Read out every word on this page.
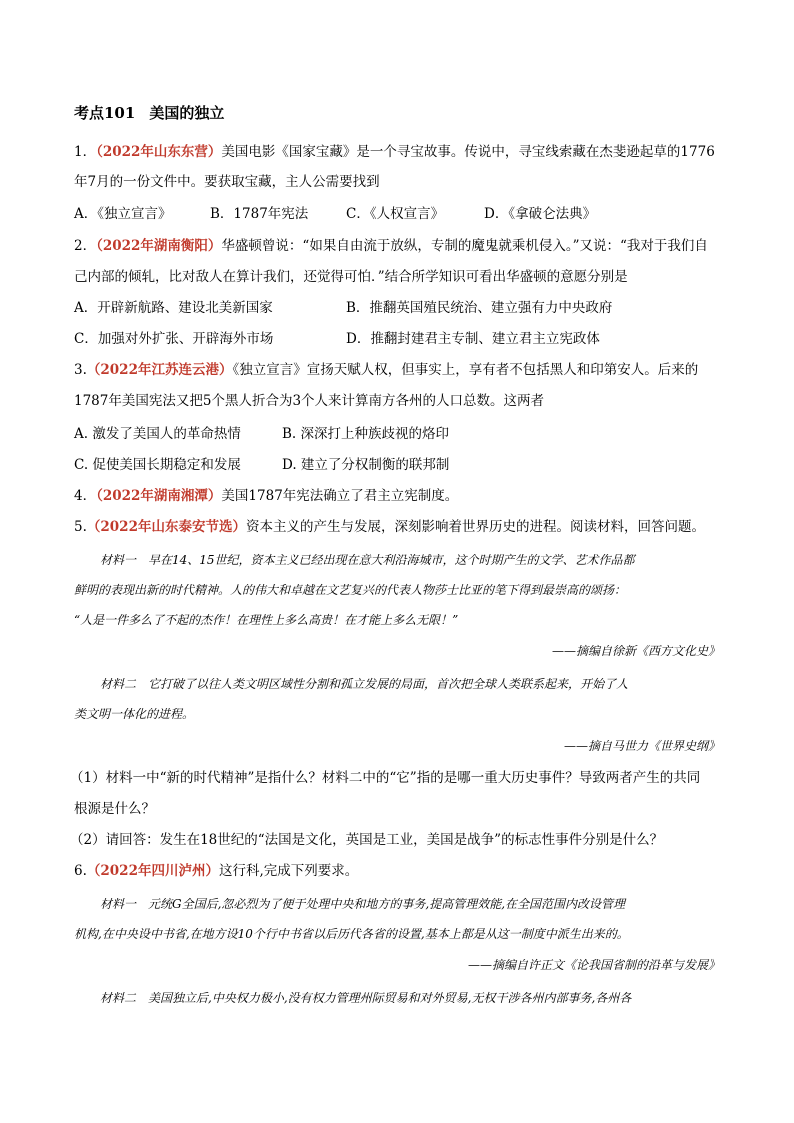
考点101 美国的独立
1．（2022年山东东营）美国电影《国家宝藏》是一个寻宝故事。传说中，寻宝线索藏在杰斐逊起草的1776
年7月的一份文件中。要获取宝藏，主人公需要找到
A．《独立宣言》	B．1787年宪法	C．《人权宣言》	D．《拿破仑法典》
2．（2022年湖南衡阳）华盛顿曾说：“如果自由流于放纵，专制的魔鬼就乘机侵入。”又说：“我对于我们自
己内部的倾轧，比对敌人在算计我们，还觉得可怕．”结合所学知识可看出华盛顿的意愿分别是
A．开辟新航路、建设北美新国家	B．推翻英国殖民统治、建立强有力中央政府
C．加强对外扩张、开辟海外市场	D．推翻封建君主专制、建立君主立宪政体
3.（2022年江苏连云港）《独立宣言》宣扬天赋人权，但事实上，享有者不包括黑人和印第安人。后来的
1787年美国宪法又把5个黑人折合为3个人来计算南方各州的人口总数。这两者
A. 激发了美国人的革命热情	B. 深深打上种族歧视的烙印
C. 促使美国长期稳定和发展	D. 建立了分权制衡的联邦制
4．（2022年湖南湘潭）美国1787年宪法确立了君主立宪制度。
5.（2022年山东泰安节选）资本主义的产生与发展，深刻影响着世界历史的进程。阅读材料，回答问题。
材料一　早在14、15世纪，资本主义已经出现在意大利沿海城市，这个时期产生的文学、艺术作品都
鲜明的表现出新的时代精神。人的伟大和卓越在文艺复兴的代表人物莎士比亚的笔下得到最崇高的颂扬：
“人是一件多么了不起的杰作！在理性上多么高贵！在才能上多么无限！”
——摘编自徐新《西方文化史》
材料二　它打破了以往人类文明区域性分割和孤立发展的局面，首次把全球人类联系起来，开始了人
类文明一体化的进程。
——摘自马世力《世界史纲》
（1）材料一中“新的时代精神”是指什么？材料二中的“它”指的是哪一重大历史事件？导致两者产生的共同
根源是什么？
（2）请回答：发生在18世纪的“法国是文化，英国是工业，美国是战争”的标志性事件分别是什么？
6.（2022年四川泸州）这行科,完成下列要求。
材料一　元统G全国后,忽必烈为了便于处理中央和地方的事务,提高管理效能,在全国范围内改设管理
机构,在中央设中书省,在地方设10个行中书省以后历代各省的设置,基本上都是从这一制度中派生出来的。
——摘编自许正文《论我国省制的沿革与发展》
材料二　美国独立后,中央权力极小,没有权力管理州际贸易和对外贸易,无权干涉各州内部事务,各州各
